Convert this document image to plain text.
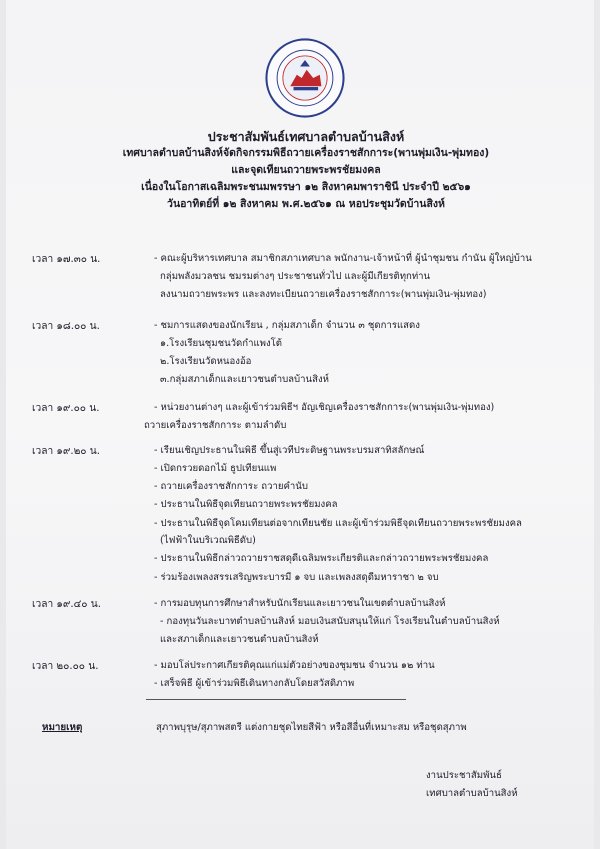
ประชาสัมพันธ์เทศบาลตำบลบ้านสิงห์
เทศบาลตำบลบ้านสิงห์จัดกิจกรรมพิธีถวายเครื่องราชสักการะ(พานพุ่มเงิน-พุ่มทอง)
และจุดเทียนถวายพระพรชัยมงคล
เนื่องในโอกาสเฉลิมพระชนมพรรษา ๑๒ สิงหาคมพาราชินี ประจำปี ๒๕๖๑
วันอาทิตย์ที่ ๑๒ สิงหาคม พ.ศ.๒๕๖๑ ณ หอประชุมวัดบ้านสิงห์
เวลา ๑๗.๓๐ น.	- คณะผู้บริหารเทศบาล สมาชิกสภาเทศบาล พนักงาน-เจ้าหน้าที่ ผู้นำชุมชน กำนัน ผู้ใหญ่บ้าน
กลุ่มพลังมวลชน ชมรมต่างๆ ประชาชนทั่วไป และผู้มีเกียรติทุกท่าน
ลงนามถวายพระพร และลงทะเบียนถวายเครื่องราชสักการะ(พานพุ่มเงิน-พุ่มทอง)
เวลา ๑๘.๐๐ น.	- ชมการแสดงของนักเรียน , กลุ่มสภาเด็ก จำนวน ๓ ชุดการแสดง
๑.โรงเรียนชุมชนวัดกำแพงโต้
๒.โรงเรียนวัดหนองอ้อ
๓.กลุ่มสภาเด็กและเยาวชนตำบลบ้านสิงห์
เวลา ๑๙.๐๐ น.	- หน่วยงานต่างๆ และผู้เข้าร่วมพิธีฯ อัญเชิญเครื่องราชสักการะ(พานพุ่มเงิน-พุ่มทอง)
ถวายเครื่องราชสักการะ ตามลำดับ
เวลา ๑๙.๒๐ น.	- เรียนเชิญประธานในพิธี ขึ้นสู่เวทีประดิษฐานพระบรมสาทิสลักษณ์
- เปิดกรวยดอกไม้ ธูปเทียนแพ
- ถวายเครื่องราชสักการะ ถวายคำนับ
- ประธานในพิธีจุดเทียนถวายพระพรชัยมงคล
- ประธานในพิธีจุดโคมเทียนต่อจากเทียนชัย และผู้เข้าร่วมพิธีจุดเทียนถวายพระพรชัยมงคล
(ไฟฟ้าในบริเวณพิธีดับ)
- ประธานในพิธีกล่าวถวายราชสดุดีเฉลิมพระเกียรติและกล่าวถวายพระพรชัยมงคล
- ร่วมร้องเพลงสรรเสริญพระบารมี ๑ จบ และเพลงสดุดีมหาราชา ๒ จบ
เวลา ๑๙.๔๐ น.	- การมอบทุนการศึกษาสำหรับนักเรียนและเยาวชนในเขตตำบลบ้านสิงห์
- กองทุนวันละบาทตำบลบ้านสิงห์ มอบเงินสนับสนุนให้แก่ โรงเรียนในตำบลบ้านสิงห์
และสภาเด็กและเยาวชนตำบลบ้านสิงห์
เวลา ๒๐.๐๐ น.	- มอบโล่ประกาศเกียรติคุณแก่แม่ตัวอย่างของชุมชน จำนวน ๑๒ ท่าน
- เสร็จพิธี ผู้เข้าร่วมพิธีเดินทางกลับโดยสวัสดิภาพ
หมายเหตุ	สุภาพบุรุษ/สุภาพสตรี แต่งกายชุดไทยสีฟ้า หรือสีอื่นที่เหมาะสม หรือชุดสุภาพ
งานประชาสัมพันธ์
เทศบาลตำบลบ้านสิงห์
